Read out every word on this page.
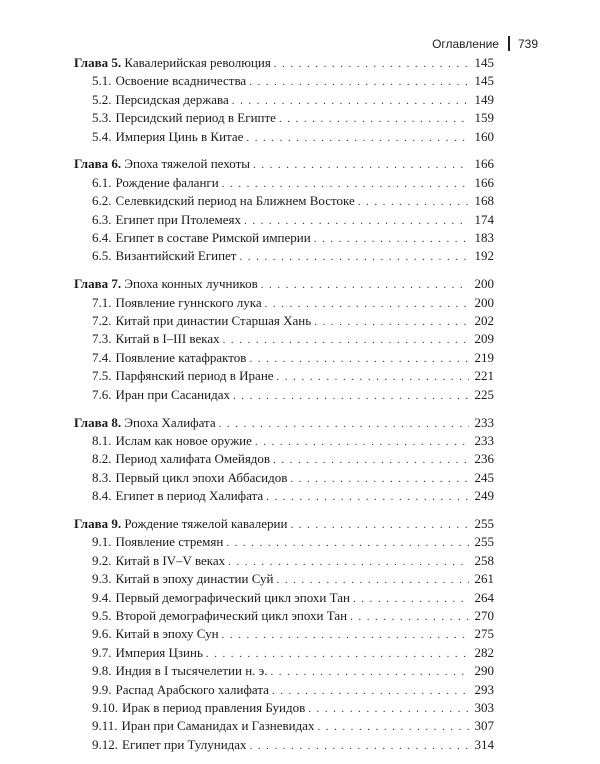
Оглавление 739
Глава 5. Кавалерийская революция . . .	145
5.1. Освоение всадничества . . .	145
5.2. Персидская держава . . .	149
5.3. Персидский период в Египте . . .	159
5.4. Империя Цинь в Китае . . .	160
Глава 6. Эпоха тяжелой пехоты . . .	166
6.1. Рождение фаланги . . .	166
6.2. Селевкидский период на Ближнем Востоке . . .	168
6.3. Египет при Птолемеях . . .	174
6.4. Египет в составе Римской империи . . .	183
6.5. Византийский Египет . . .	192
Глава 7. Эпоха конных лучников . . .	200
7.1. Появление гуннского лука . . .	200
7.2. Китай при династии Старшая Хань . . .	202
7.3. Китай в I–III веках . . .	209
7.4. Появление катафрактов . . .	219
7.5. Парфянский период в Иране . . .	221
7.6. Иран при Сасанидах . . .	225
Глава 8. Эпоха Халифата . . .	233
8.1. Ислам как новое оружие . . .	233
8.2. Период халифата Омейядов . . .	236
8.3. Первый цикл эпохи Аббасидов . . .	245
8.4. Египет в период Халифата . . .	249
Глава 9. Рождение тяжелой кавалерии . . .	255
9.1. Появление стремян . . .	255
9.2. Китай в IV–V веках . . .	258
9.3. Китай в эпоху династии Суй . . .	261
9.4. Первый демографический цикл эпохи Тан . . .	264
9.5. Второй демографический цикл эпохи Тан . . .	270
9.6. Китай в эпоху Сун . . .	275
9.7. Империя Цзинь . . .	282
9.8. Индия в I тысячелетии н. э. . . .	290
9.9. Распад Арабского халифата . . .	293
9.10. Ирак в период правления Буидов . . .	303
9.11. Иран при Саманидах и Газневидах . . .	307
9.12. Египет при Тулунидах . . .	314
